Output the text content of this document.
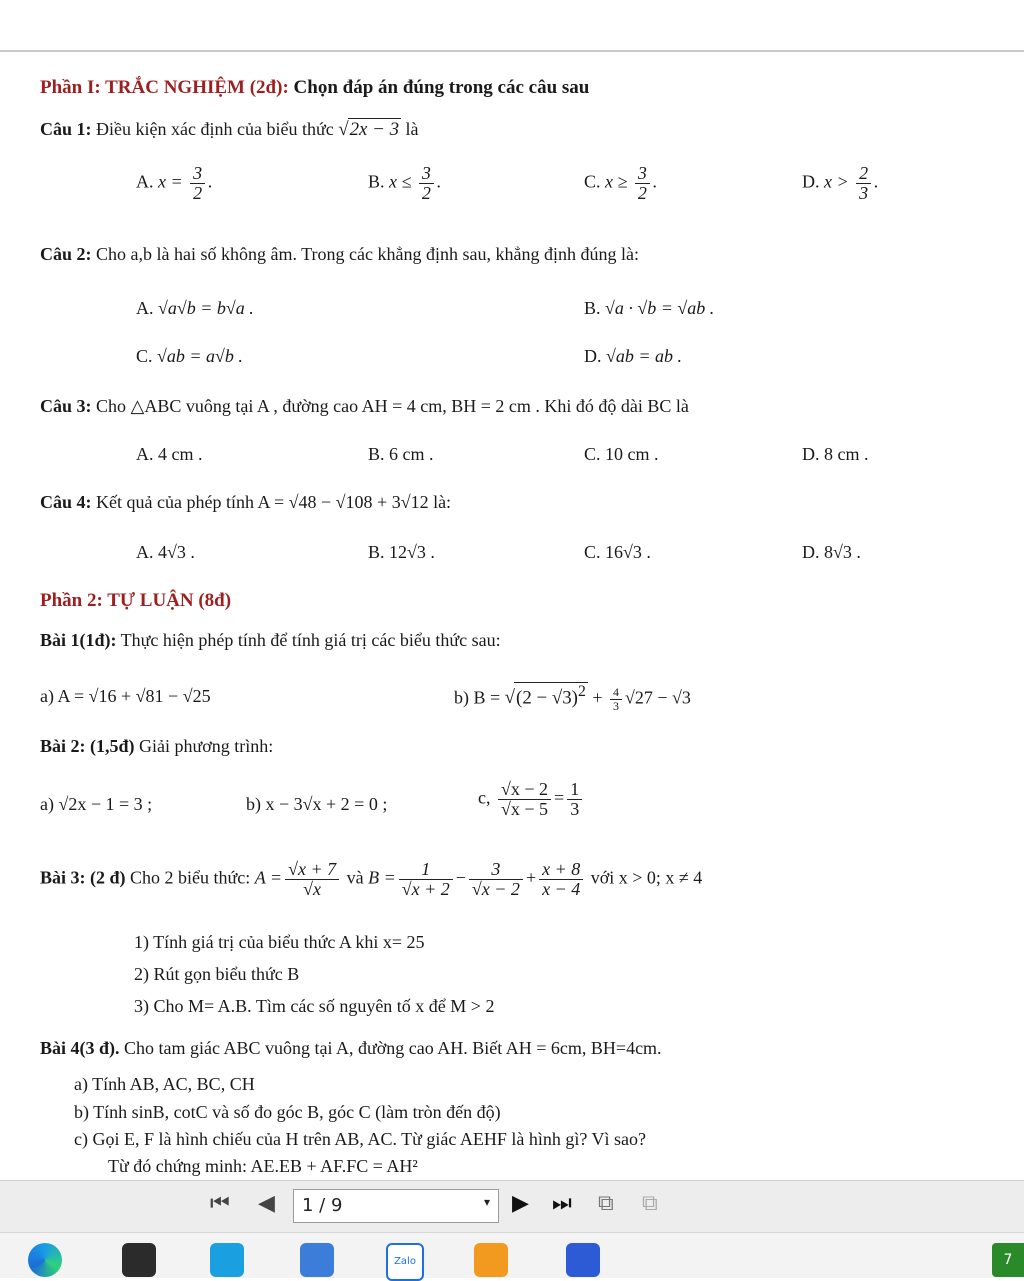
Phần I: TRẮC NGHIỆM (2đ): Chọn đáp án đúng trong các câu sau
Câu 1: Điều kiện xác định của biểu thức √2x − 3 là
A. $x = \frac{3}{2}$ .	B. $x \le \frac{3}{2}$ .	C. $x \ge \frac{3}{2}$ .	D. $x > \frac{2}{3}$ .
Câu 2: Cho a,b là hai số không âm. Trong các khẳng định sau, khẳng định đúng là:
A. √a√b = b√a .	B. √a · √b = √ab .
C. √ab = a√b .	D. √ab = ab .
Câu 3: Cho △ABC vuông tại A , đường cao AH = 4 cm, BH = 2 cm . Khi đó độ dài BC là
A. 4 cm .	B. 6 cm .	C. 10 cm .	D. 8 cm .
Câu 4: Kết quả của phép tính A = √48 − √108 + 3√12 là:
A. 4√3 .	B. 12√3 .	C. 16√3 .	D. 8√3 .
Phần 2: TỰ LUẬN (8đ)
Bài 1(1đ): Thực hiện phép tính để tính giá trị các biểu thức sau:
a) A = √16 + √81 − √25	b) $B = √(2 - √3)^2 + \frac{4}{3} √27 - √3$
Bài 2: (1,5đ) Giải phương trình:
a) √2x − 1 = 3 ;	b) x − 3√x + 2 = 0 ;	c, $\frac{√x - 2}{√x - 5} = \frac{1}{3}$
Bài 3: (2 đ) Cho 2 biểu thức: $A = \frac{√x + 7}{√x}$ và $B = \frac{1}{√x + 2} - \frac{3}{√x - 2} + \frac{x + 8}{x - 4}$ với x > 0; x ≠ 4
1) Tính giá trị của biểu thức A khi x= 25
2) Rút gọn biểu thức B
3) Cho M= A.B. Tìm các số nguyên tố x để M > 2
Bài 4(3 đ). Cho tam giác ABC vuông tại A, đường cao AH. Biết AH = 6cm, BH=4cm.
a) Tính AB, AC, BC, CH
b) Tính sinB, cotC và số đo góc B, góc C (làm tròn đến độ)
c) Gọi E, F là hình chiếu của H trên AB, AC. Từ giác AEHF là hình gì? Vì sao?
Từ đó chứng minh: AE.EB + AF.FC = AH²
⏮ ◀ 1 / 9	▾ ▶ ⏭ ⧉ ⧉
Zalo	7
